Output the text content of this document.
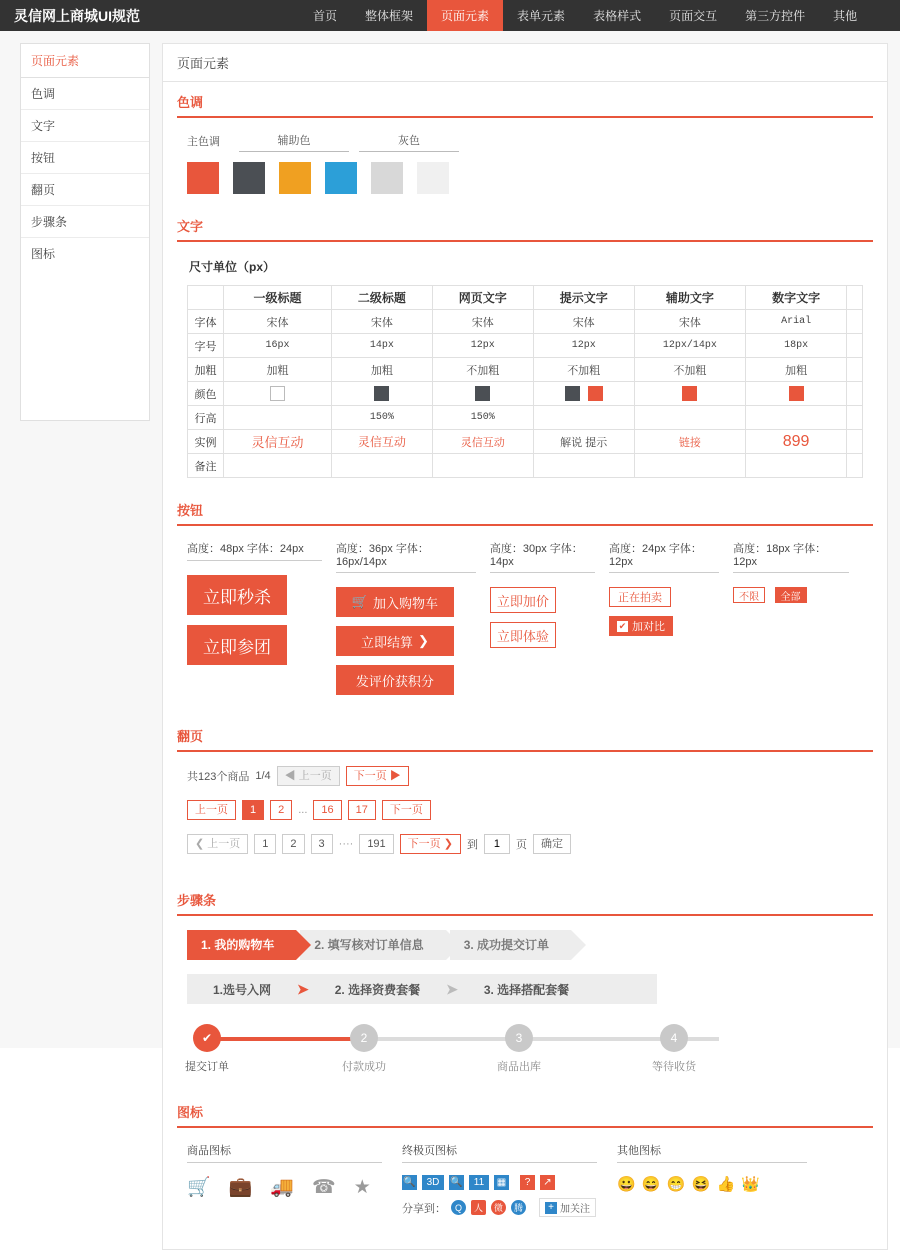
灵信网上商城UI规范	首页	整体框架	页面元素	表单元素	表格样式	页面交互	第三方控件	其他
页面元素
色调
文字
按钮
翻页
步骤条
图标
页面元素
色调
主色调	辅助色	灰色
文字
尺寸单位（px）
	一级标题	二级标题	网页文字	提示文字	辅助文字	数字文字	
字体	宋体	宋体	宋体	宋体	宋体	Arial	
字号	16px	14px	12px	12px	12px/14px	18px	
加粗	加粗	加粗	不加粗	不加粗	不加粗	加粗	
颜色							
行高		150%	150%				
实例	灵信互动	灵信互动	灵信互动	解说 提示	链接	899	
备注							
按钮
高度：48px 字体：24px
立即秒杀
立即参团
高度：36px 字体：16px/14px
🛒 加入购物车

立即结算 ❯

发评价获积分
高度：30px 字体：14px
立即加价
立即体验
高度：24px 字体：12px
正在拍卖

✔ 加对比
高度：18px 字体：12px
不限 全部
翻页
共123个商品 1/4	◀ 上一页	下一页 ▶
上一页	1	2	...	16	17	下一页
❮ 上一页	1	2	3	····	191	下一页 ❯	到
1	页	确定
步骤条
1. 我的购物车	2. 填写核对订单信息	3. 成功提交订单
1.选号入网	➤	2. 选择资费套餐	➤	3. 选择搭配套餐
✔
提交订单
2
付款成功
3
商品出库
4
等待收货
图标
商品图标
🛒 💼 🚚 ☎ ★
终极页图标
🔍	3D	🔍	11	▦	?	↗
分享到： Q	人	微	腾	+ 加关注
其他图标
😀 😄 😁 😆 👍 👑
